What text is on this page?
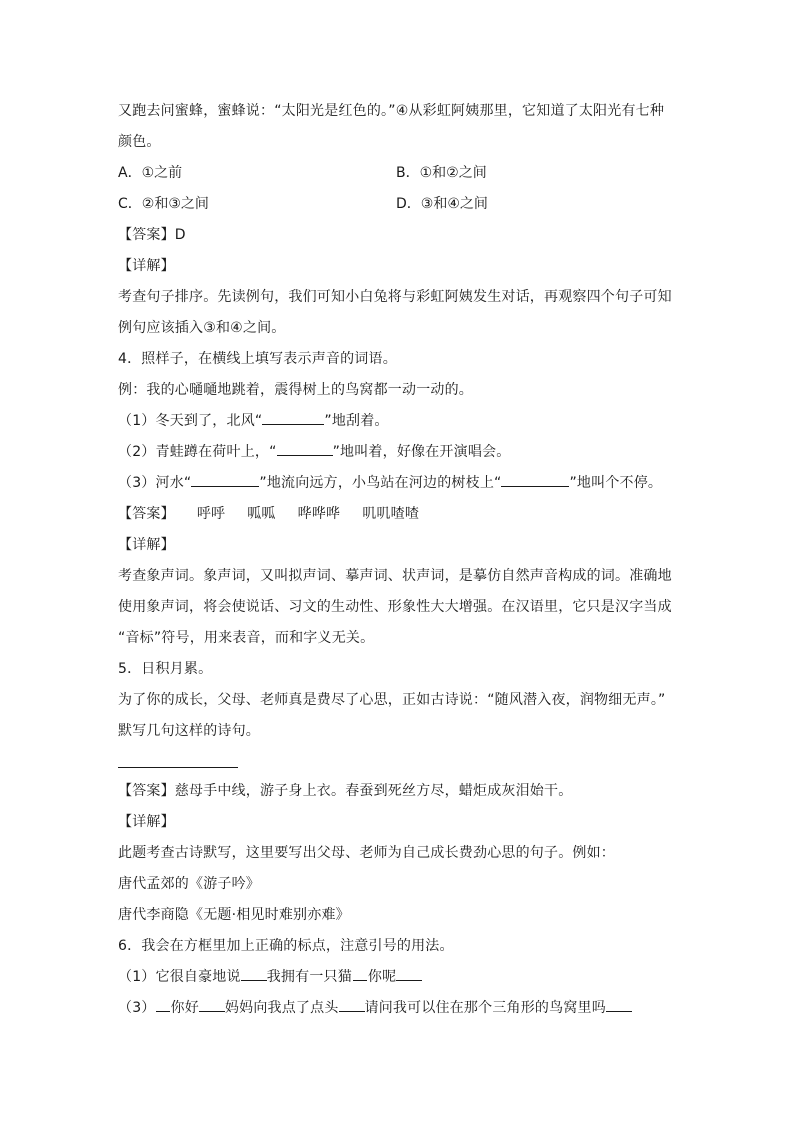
又跑去问蜜蜂，蜜蜂说：“太阳光是红色的。”④从彩虹阿姨那里，它知道了太阳光有七种
颜色。
A．①之前	B．①和②之间
C．②和③之间	D．③和④之间
【答案】D
【详解】
考查句子排序。先读例句，我们可知小白兔将与彩虹阿姨发生对话，再观察四个句子可知
例句应该插入③和④之间。
4．照样子，在横线上填写表示声音的词语。
例：我的心嗵嗵地跳着，震得树上的鸟窝都一动一动的。
（1）冬天到了，北风“	”地刮着。
（2）青蛙蹲在荷叶上，“	”地叫着，好像在开演唱会。
（3）河水“	”地流向远方，小鸟站在河边的树枝上“	”地叫个不停。
【答案】 呼呼 呱呱 哗哗哗 叽叽喳喳
【详解】
考查象声词。象声词，又叫拟声词、摹声词、状声词，是摹仿自然声音构成的词。准确地
使用象声词，将会使说话、习文的生动性、形象性大大增强。在汉语里，它只是汉字当成
“音标”符号，用来表音，而和字义无关。
5．日积月累。
为了你的成长，父母、老师真是费尽了心思，正如古诗说：“随风潜入夜，润物细无声。”
默写几句这样的诗句。
【答案】慈母手中线，游子身上衣。春蚕到死丝方尽，蜡炬成灰泪始干。
【详解】
此题考查古诗默写，这里要写出父母、老师为自己成长费劲心思的句子。例如：
唐代孟郊的《游子吟》
唐代李商隐《无题·相见时难别亦难》
6．我会在方框里加上正确的标点，注意引号的用法。
（1）它很自豪地说 我拥有一只猫 你呢
（3） 你好 妈妈向我点了点头 请问我可以住在那个三角形的鸟窝里吗
